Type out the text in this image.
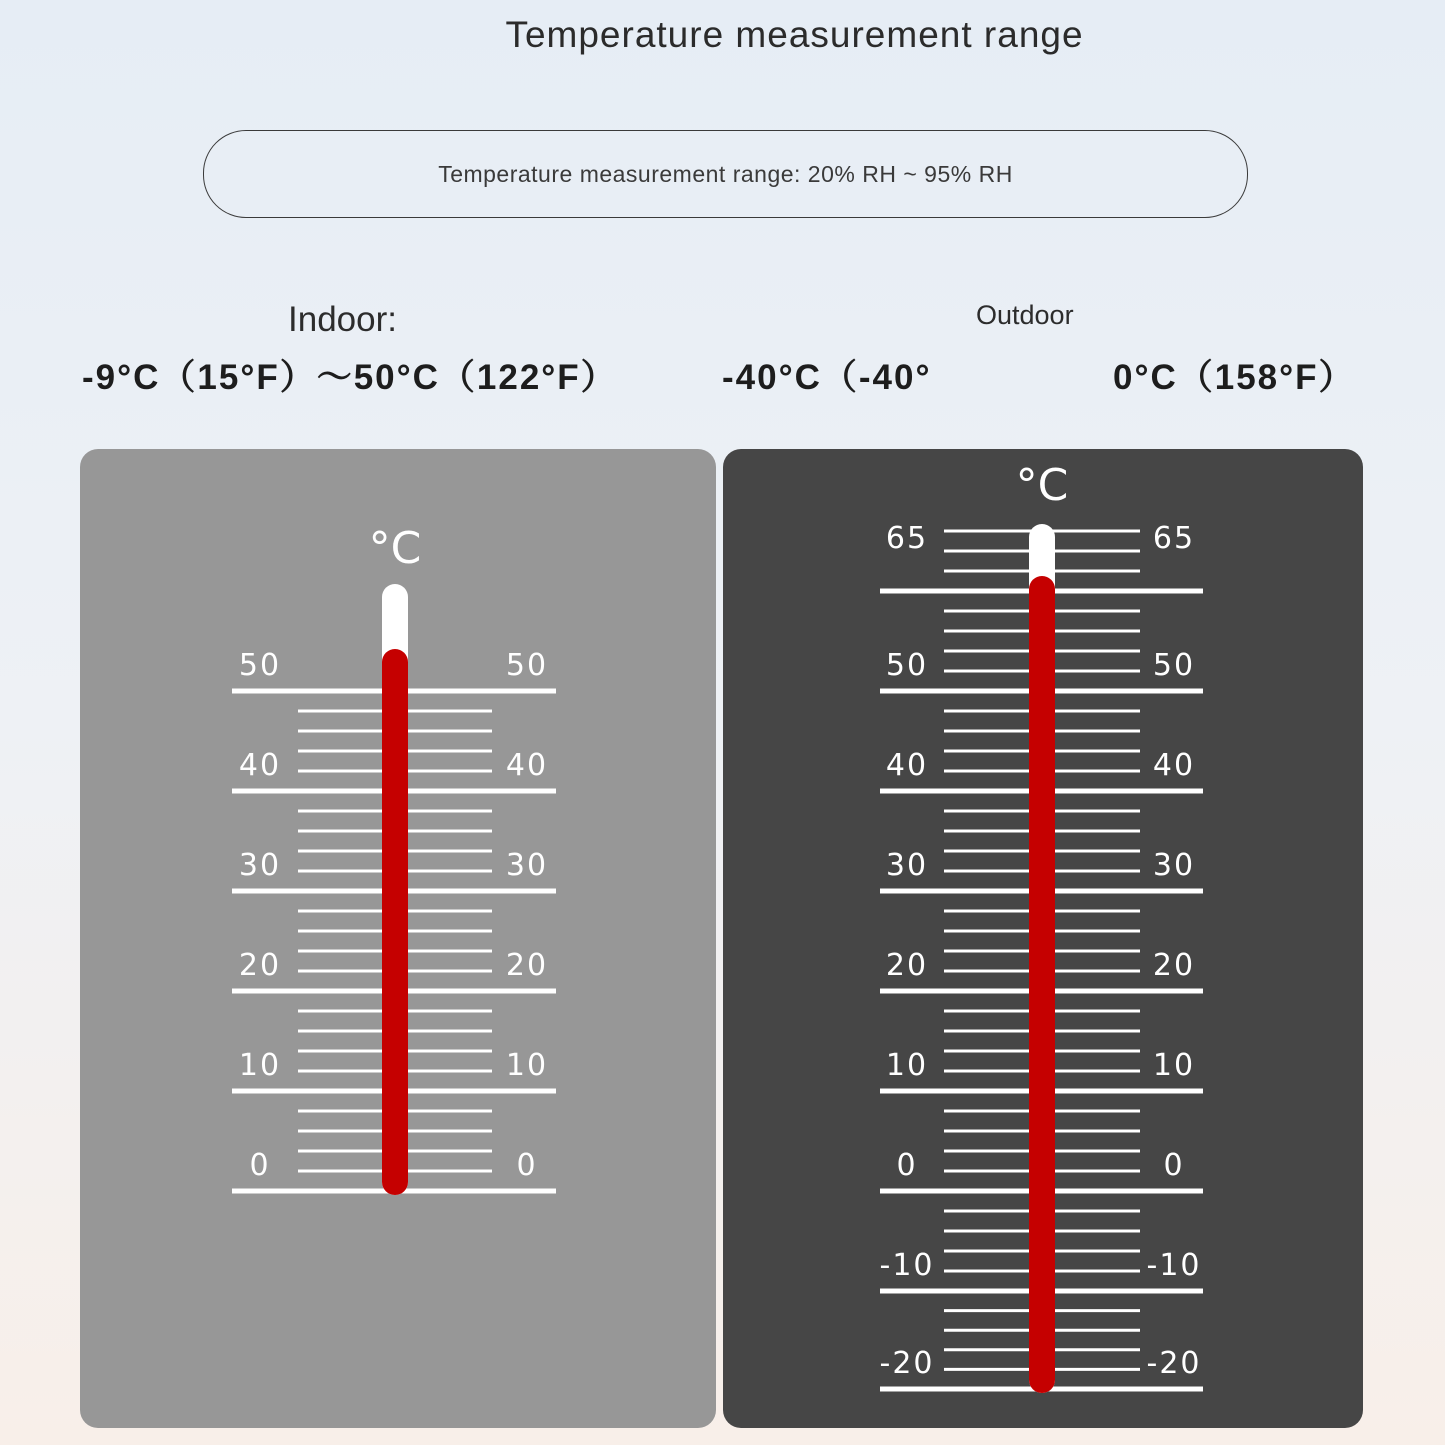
Temperature measurement range
Temperature measurement range: 20% RH ~ 95% RH
Indoor:	Outdoor
-9°C（15°F）～50°C（122°F）	-40°C（-40°	0°C（158°F）
50	50
40	40
30	30
20	20
10	10
0	0
°C	65	65
50	50
40	40
30	30
20	20
10	10
0	0
-10	-10
-20	-20
°C
